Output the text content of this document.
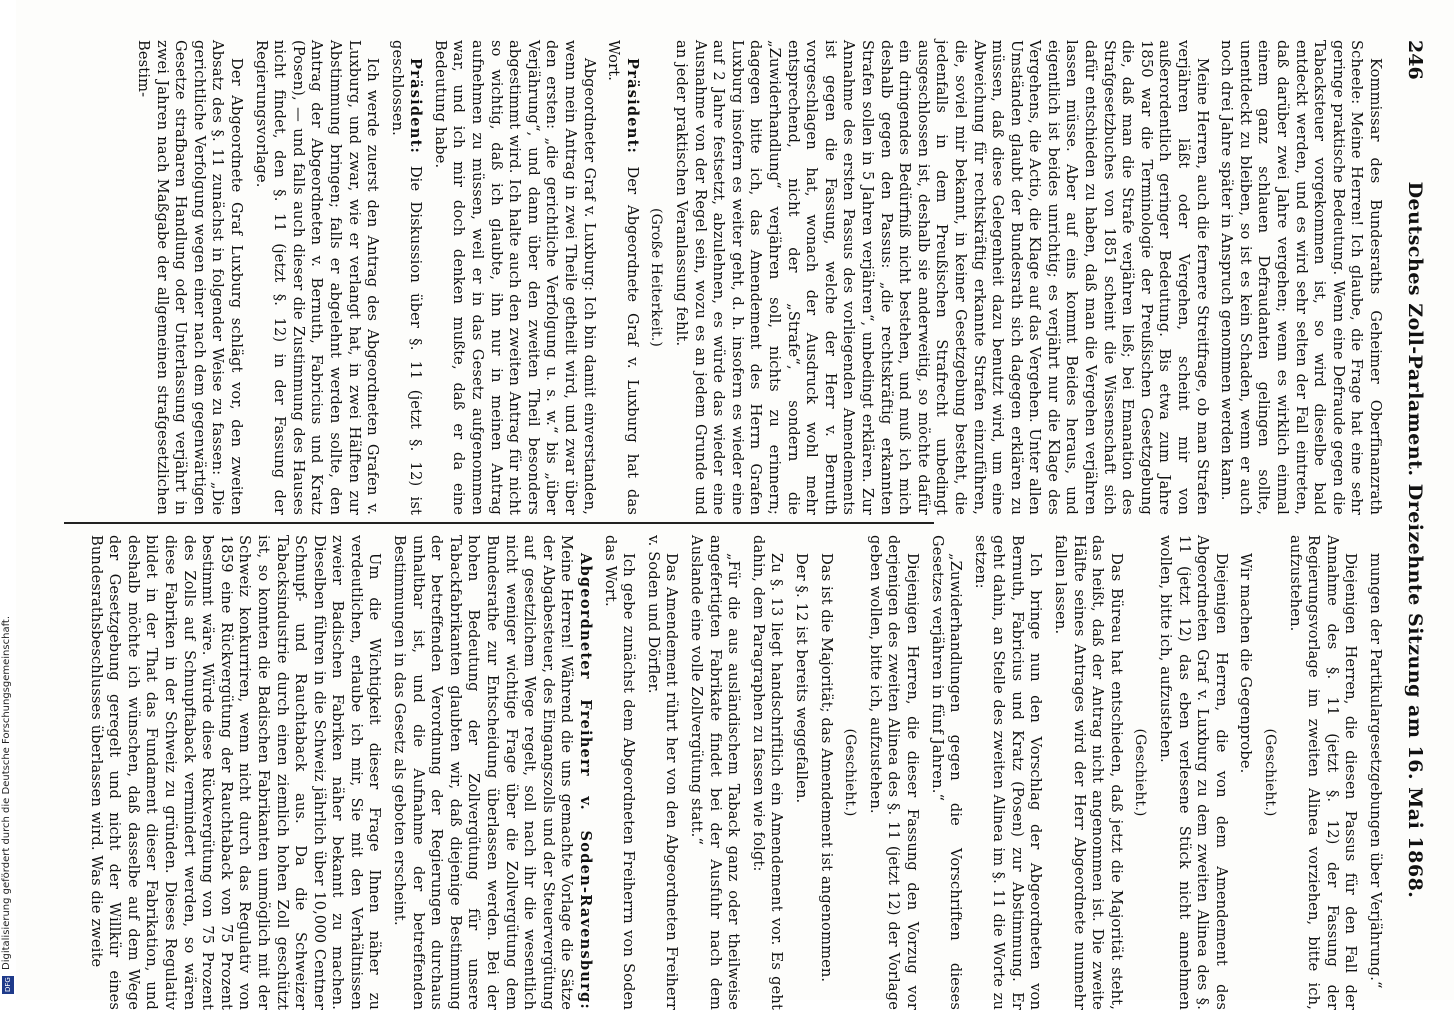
246
Deutsches Zoll-Parlament. Dreizehnte Sitzung am 16. Mai 1868.

Kommissar des Bundesraths Geheimer Oberfinanzrath Scheele: Meine Herren! Ich glaube, die Frage hat eine sehr geringe praktische Bedeutung. Wenn eine Defraude gegen die Tabacksteuer vorgekommen ist, so wird dieselbe bald entdeckt werden, und es wird sehr selten der Fall eintreten, daß darüber zwei Jahre vergehen; wenn es wirklich einmal einem ganz schlauen Defraudanten gelingen sollte, unentdeckt zu bleiben, so ist es kein Schaden, wenn er auch noch drei Jahre später in Anspruch genommen werden kann.

Meine Herren, auch die fernere Streitfrage, ob man Strafen verjähren läßt oder Vergehen, scheint mir von außerordentlich geringer Bedeutung. Bis etwa zum Jahre 1850 war die Terminologie der Preußischen Gesetzgebung die, daß man die Strafe verjähren ließ; bei Emanation des Strafgesetzbuches von 1851 scheint die Wissenschaft sich dafür entschieden zu haben, daß man die Vergehen verjähren lassen müsse. Aber auf eins kommt Beides heraus, und eigentlich ist beides unrichtig; es verjährt nur die Klage des Vergehens, die Actio, die Klage auf das Vergehen. Unter allen Umständen glaubt der Bundesrath sich dagegen erklären zu müssen, daß diese Gelegenheit dazu benutzt wird, um eine Abweichung für rechtskräftig erkannte Strafen einzuführen, die, soviel mir bekannt, in keiner Gesetzgebung besteht, die jedenfalls in dem Preußischen Strafrecht unbedingt ausgeschlossen ist, deshalb sie anderweitig, so möchte dafür ein dringendes Bedürfniß nicht bestehen, und muß ich mich deshalb gegen den Passus: „die rechtskräftig erkannten Strafen sollen in 5 Jahren verjähren“, unbedingt erklären. Zur Annahme des ersten Passus des vorliegenden Amendements ist gegen die Fassung, welche der Herr v. Bernuth vorgeschlagen hat, wonach der Ausdruck wohl mehr entsprechend, nicht der „Strafe“, sondern die „Zuwiderhandlung“ verjähren soll, nichts zu erinnern; dagegen bitte ich, das Amendement des Herrn Grafen Luxburg insofern es weiter geht, d. h. insofern es wieder eine auf 2 Jahre festsetzt, abzulehnen, es würde das wieder eine Ausnahme von der Regel sein, wozu es an jedem Grunde und an jeder praktischen Veranlassung fehlt.

(Große Heiterkeit.)

Präsident: Der Abgeordnete Graf v. Luxburg hat das Wort.

Abgeordneter Graf v. Luxburg: Ich bin damit einverstanden, wenn mein Antrag in zwei Theile getheilt wird, und zwar über den ersten: „die gerichtliche Verfolgung u. s. w.“ bis „über Verjährung“, und dann über den zweiten Theil besonders abgestimmt wird. Ich halte auch den zweiten Antrag für nicht so wichtig, daß ich glaubte, ihn nur in meinen Antrag aufnehmen zu müssen, weil er in das Gesetz aufgenommen war, und ich mir doch denken mußte, daß er da eine Bedeutung habe.

Präsident: Die Diskussion über §. 11 (jetzt §. 12) ist geschlossen.

Ich werde zuerst den Antrag des Abgeordneten Grafen v. Luxburg, und zwar, wie er verlangt hat, in zwei Hälften zur Abstimmung bringen; falls er abgelehnt werden sollte, den Antrag der Abgeordneten v. Bernuth, Fabricius und Kratz (Posen), — und falls auch dieser die Zustimmung des Hauses nicht findet, den §. 11 (jetzt §. 12) in der Fassung der Regierungsvorlage.

Der Abgeordnete Graf Luxburg schlägt vor, den zweiten Absatz des §. 11 zunächst in folgender Weise zu fassen: „Die gerichtliche Verfolgung wegen einer nach dem gegenwärtigen Gesetze strafbaren Handlung oder Unterlassung verjährt in zwei Jahren nach Maßgabe der allgemeinen strafgesetzlichen Bestim-

mungen der Partikulargesetzgebungen über Verjährung.“

Diejenigen Herren, die diesen Passus für den Fall der Annahme des §. 11 (jetzt §. 12) der Fassung der Regierungsvorlage im zweiten Alinea vorziehen, bitte ich, aufzustehen.

(Geschieht.)

Wir machen die Gegenprobe.

Diejenigen Herren, die von dem Amendement des Abgeordneten Graf v. Luxburg zu dem zweiten Alinea des §. 11 (jetzt 12) das eben verlesene Stück nicht annehmen wollen, bitte ich, aufzustehen.

(Geschieht.)

Das Büreau hat entschieden, daß jetzt die Majorität steht, das heißt, daß der Antrag nicht angenommen ist. Die zweite Hälfte seines Antrages wird der Herr Abgeordnete nunmehr fallen lassen.

Ich bringe nun den Vorschlag der Abgeordneten von Bernuth, Fabricius und Kratz (Posen) zur Abstimmung. Er geht dahin, an Stelle des zweiten Alinea im §. 11 die Worte zu setzen:

„Zuwiderhandlungen gegen die Vorschriften dieses Gesetzes verjähren in fünf Jahren.“

Diejenigen Herren, die dieser Fassung den Vorzug vor derjenigen des zweiten Alinea des §. 11 (jetzt 12) der Vorlage geben wollen, bitte ich, aufzustehen.

(Geschieht.)

Das ist die Majorität; das Amendement ist angenommen.

Der §. 12 ist bereits weggefallen.

Zu §. 13 liegt handschriftlich ein Amendement vor. Es geht dahin, dem Paragraphen zu fassen wie folgt:

„Für die aus ausländischem Taback ganz oder theilweise angefertigten Fabrikate findet bei der Ausfuhr nach dem Auslande eine volle Zollvergütung statt.“

Das Amendement rührt her von den Abgeordneten Freiherr v. Soden und Dörfler.

Ich gebe zunächst dem Abgeordneten Freiherrn von Soden das Wort.

Abgeordneter Freiherr v. Soden-Ravensburg: Meine Herren! Während die uns gemachte Vorlage die Sätze der Abgabesteuer, des Eingangszolls und der Steuervergütung auf gesetzlichem Wege regelt, soll nach ihr die wesentlich nicht weniger wichtige Frage über die Zollvergütung dem Bundesrathe zur Entscheidung überlassen werden. Bei der hohen Bedeutung der Zollvergütung für unsere Tabackfabrikanten glaubten wir, daß diejenige Bestimmung der betreffenden Verordnung der Regierungen durchaus unhaltbar ist, und die Aufnahme der betreffenden Bestimmungen in das Gesetz als geboten erscheint.

Um die Wichtigkeit dieser Frage Ihnen näher zu verdeutlichen, erlaube ich mir, Sie mit den Verhältnissen zweier Badischen Fabriken näher bekannt zu machen. Dieselben führen in die Schweiz jährlich über 10,000 Centner Schnupf- und Rauchtaback aus. Da die Schweizer Tabacksindustrie durch einen ziemlich hohen Zoll geschützt ist, so konnten die Badischen Fabrikanten unmöglich mit der Schweiz konkurriren, wenn nicht durch das Regulativ von 1859 eine Rückvergütung der Rauchtaback von 75 Prozent bestimmt wäre. Würde diese Rückvergütung von 75 Prozent des Zolls auf Schnupftaback vermindert werden, so wären diese Fabriken in der Schweiz zu gründen. Dieses Regulativ bildet in der That das Fundament dieser Fabrikation, und deshalb möchte ich wünschen, daß dasselbe auf dem Wege der Gesetzgebung geregelt und nicht der Willkür eines Bundesrathsbeschlusses überlassen wird. Was die zweite

DFG
Digitalisierung gefördert durch die Deutsche Forschungsgemeinschaft.
